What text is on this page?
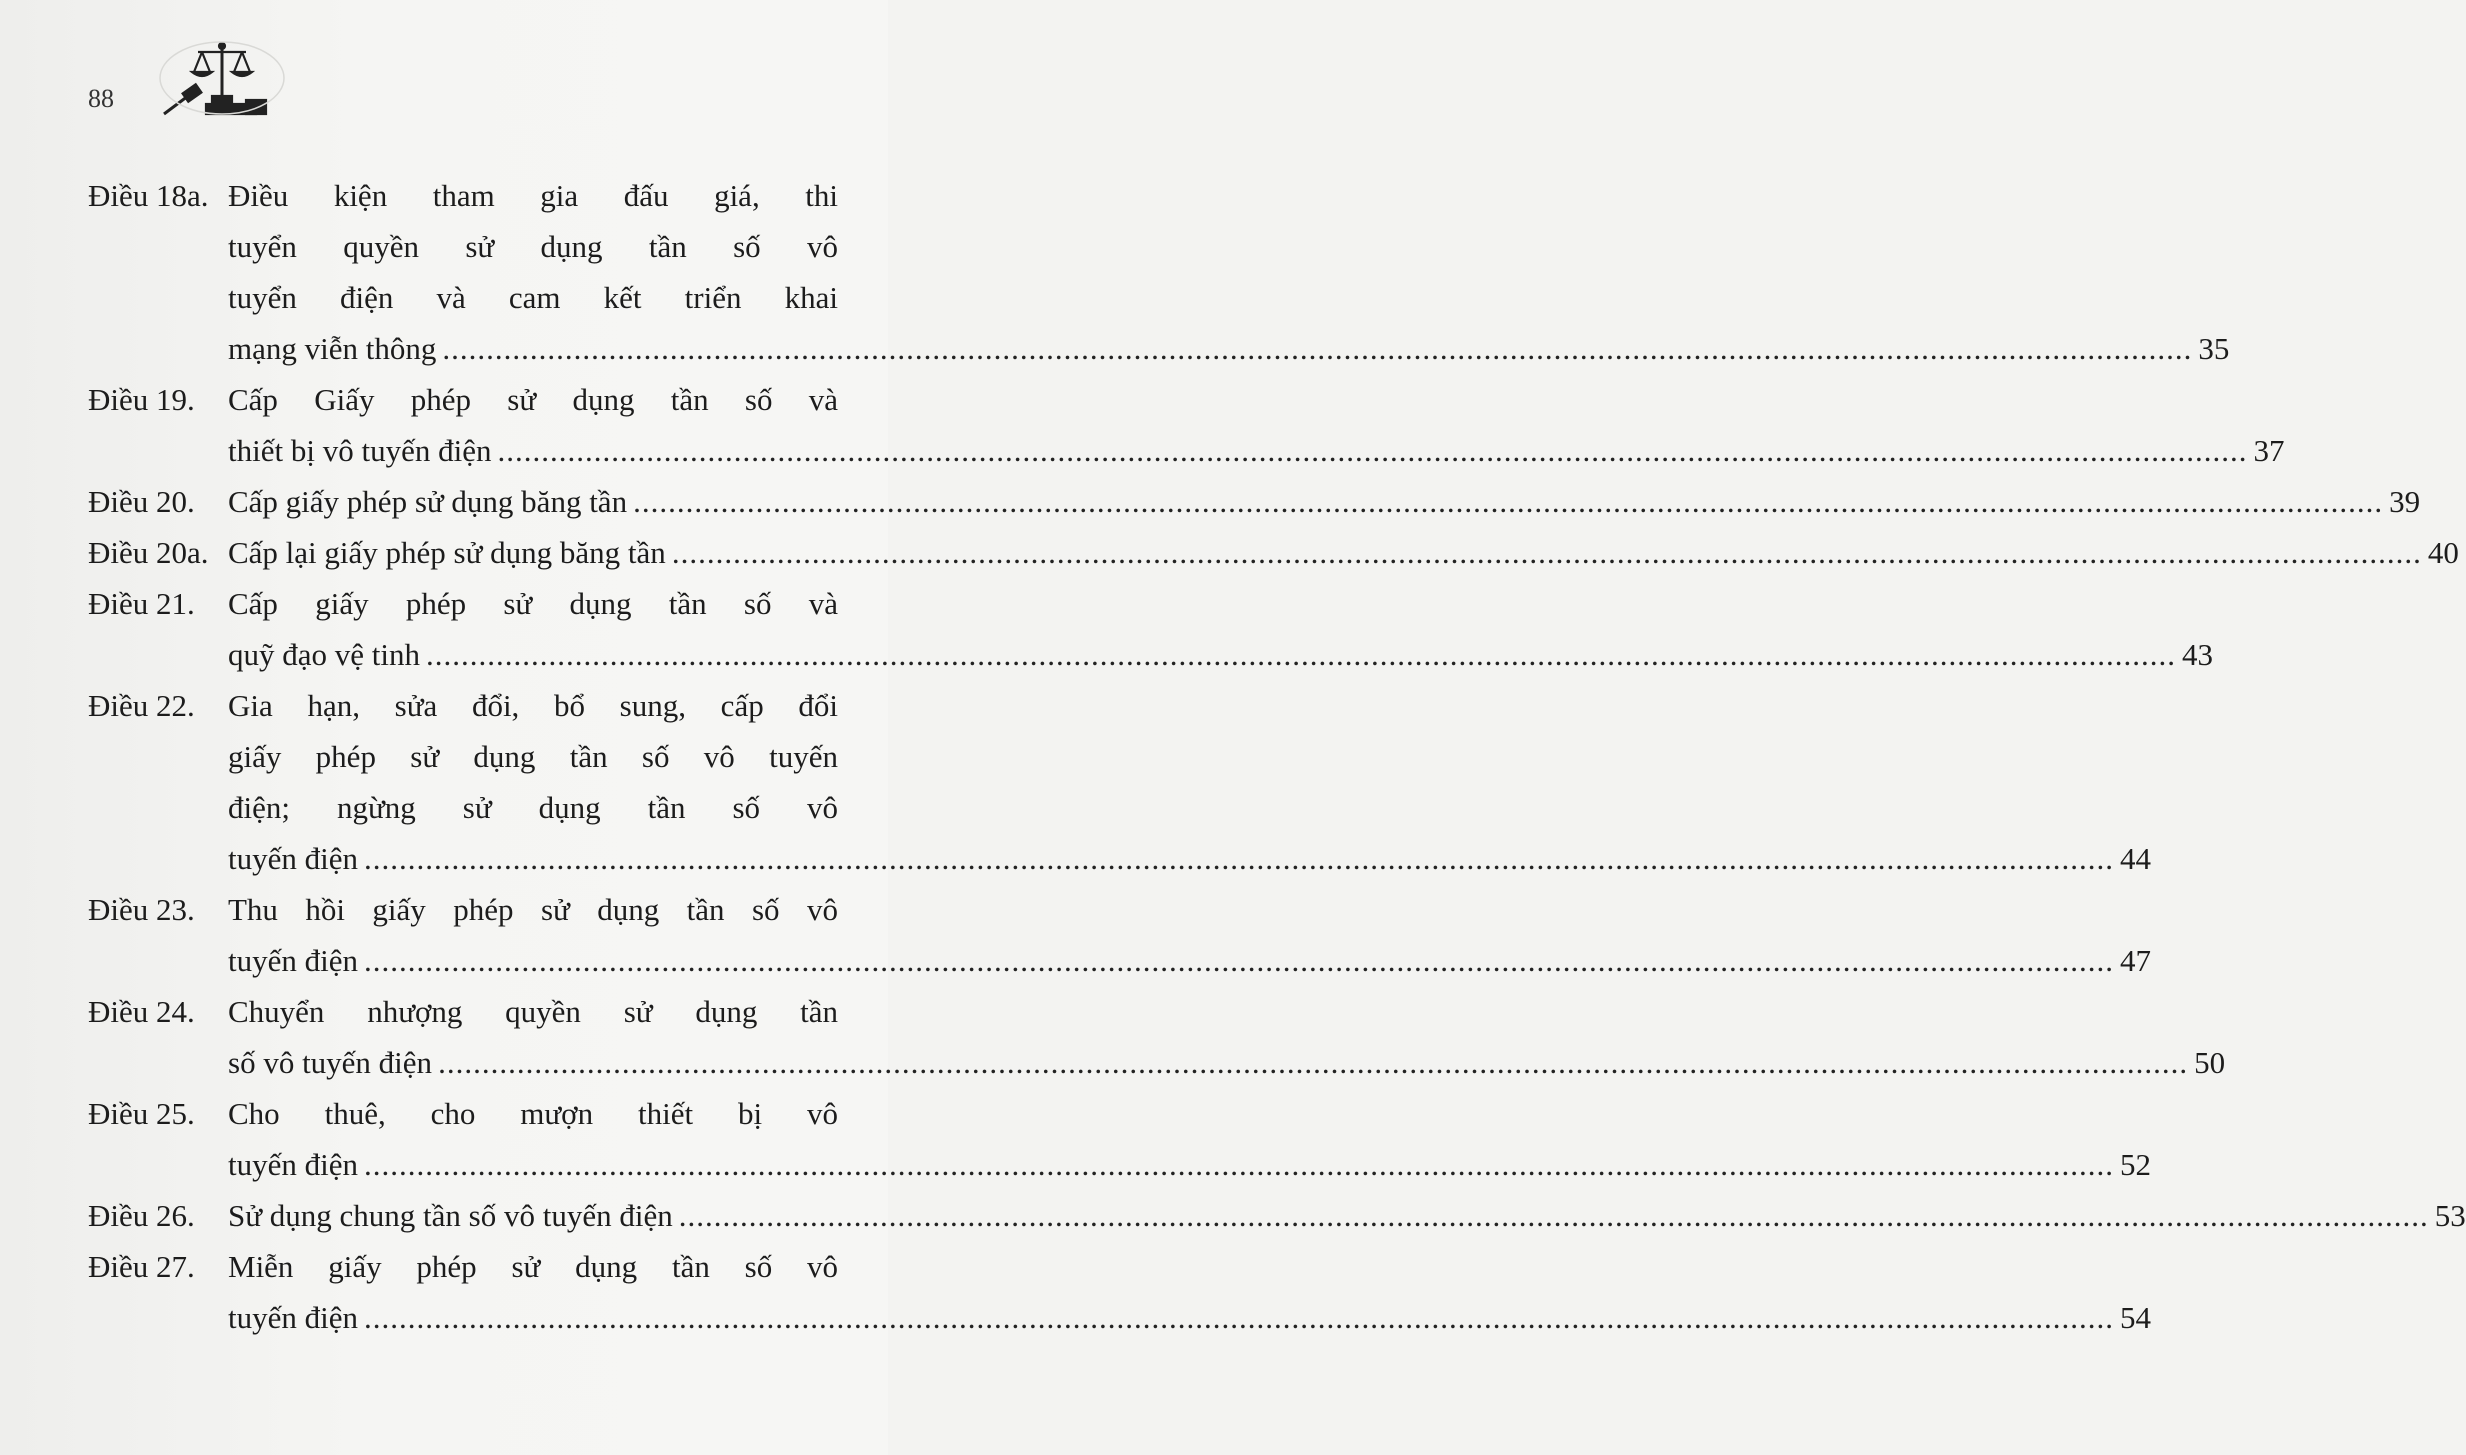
88
Điều 18a. Điều kiện tham gia đấu giá, thi
tuyển quyền sử dụng tần số vô
tuyển điện và cam kết triển khai
mạng viễn thông ........................................................................................................................................................................................................ 35
Điều 19. Cấp Giấy phép sử dụng tần số và
thiết bị vô tuyến điện ........................................................................................................................................................................................................ 37
Điều 20. Cấp giấy phép sử dụng băng tần ........................................................................................................................................................................................................ 39
Điều 20a. Cấp lại giấy phép sử dụng băng tần ........................................................................................................................................................................................................ 40
Điều 21. Cấp giấy phép sử dụng tần số và
quỹ đạo vệ tinh ........................................................................................................................................................................................................ 43
Điều 22. Gia hạn, sửa đổi, bổ sung, cấp đổi
giấy phép sử dụng tần số vô tuyến
điện; ngừng sử dụng tần số vô
tuyến điện ........................................................................................................................................................................................................ 44
Điều 23. Thu hồi giấy phép sử dụng tần số vô
tuyến điện ........................................................................................................................................................................................................ 47
Điều 24. Chuyển nhượng quyền sử dụng tần
số vô tuyến điện ........................................................................................................................................................................................................ 50
Điều 25. Cho thuê, cho mượn thiết bị vô
tuyến điện ........................................................................................................................................................................................................ 52
Điều 26. Sử dụng chung tần số vô tuyến điện ........................................................................................................................................................................................................ 53
Điều 27. Miễn giấy phép sử dụng tần số vô
tuyến điện ........................................................................................................................................................................................................ 54
